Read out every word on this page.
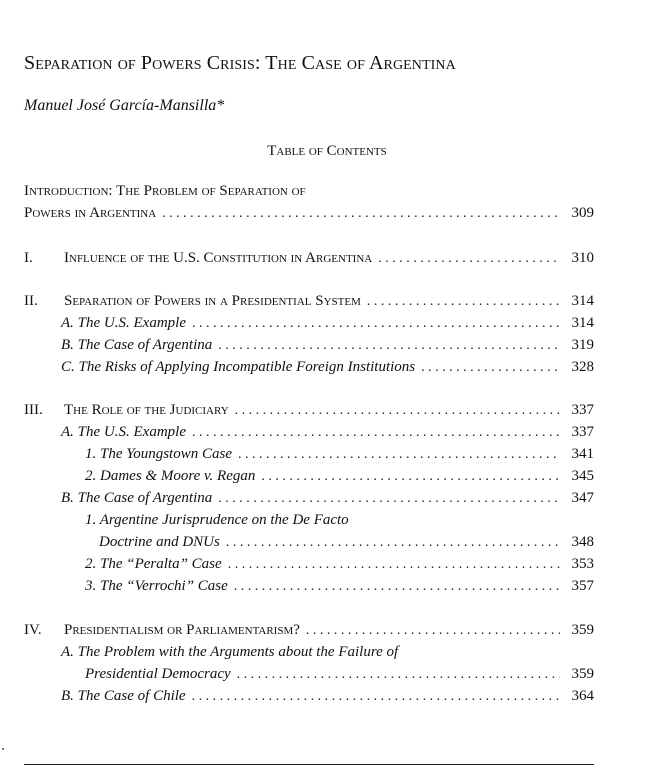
Separation of Powers Crisis: The Case of Argentina
Manuel José García-Mansilla*
Table of Contents
Introduction: The Problem of Separation of
Powers in Argentina . . .	309
I.	Influence of the U.S. Constitution in Argentina . . .	310
II.	Separation of Powers in a Presidential System . . .	314
A. The U.S. Example . . .	314
B. The Case of Argentina . . .	319
C. The Risks of Applying Incompatible Foreign Institutions . . .	328
III.	The Role of the Judiciary . . .	337
A. The U.S. Example . . .	337
1. The Youngstown Case . . .	341
2. Dames & Moore v. Regan . . .	345
B. The Case of Argentina . . .	347
1. Argentine Jurisprudence on the De Facto
Doctrine and DNUs . . .	348
2. The “Peralta” Case . . .	353
3. The “Verrochi” Case . . .	357
IV.	Presidentialism or Parliamentarism? . . .	359
A. The Problem with the Arguments about the Failure of
Presidential Democracy . . .	359
B. The Case of Chile . . .	364
